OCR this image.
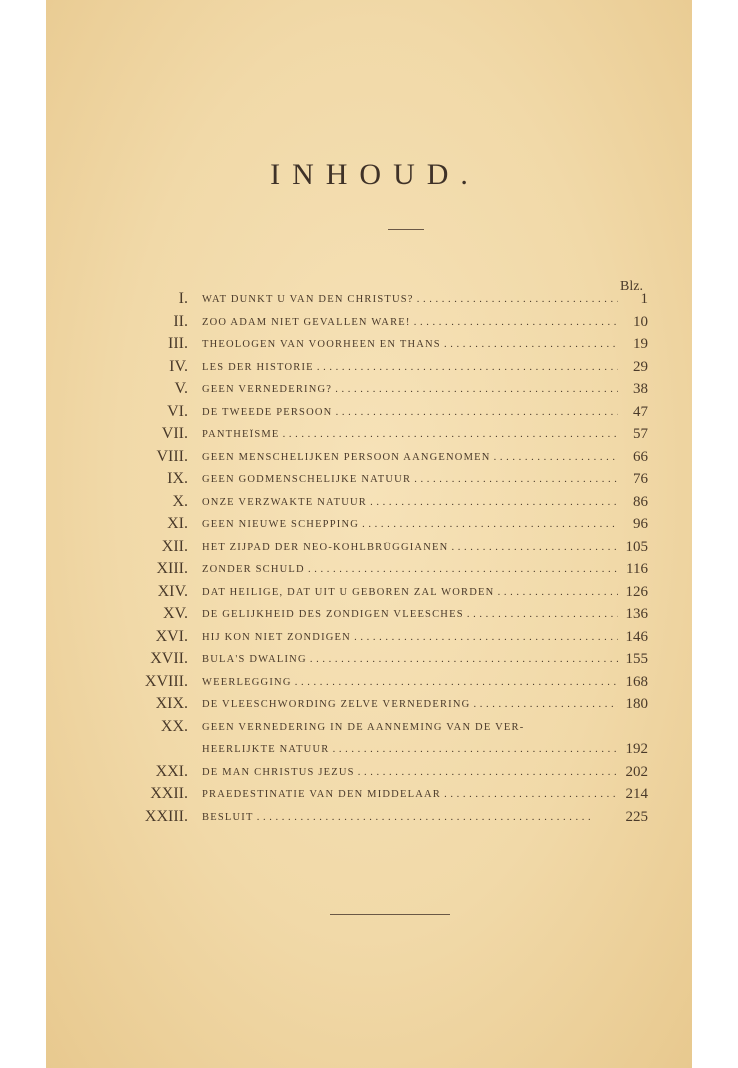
INHOUD.
Blz.
I. WAT DUNKT U VAN DEN CHRISTUS? . . .	1
II. ZOO ADAM NIET GEVALLEN WARE! . . .	10
III. THEOLOGEN VAN VOORHEEN EN THANS . . .	19
IV. LES DER HISTORIE . . .	29
V. GEEN VERNEDERING? . . .	38
VI. DE TWEEDE PERSOON . . .	47
VII. PANTHEÏSME . . .	57
VIII. GEEN MENSCHELIJKEN PERSOON AANGENOMEN . . .	66
IX. GEEN GODMENSCHELIJKE NATUUR . . .	76
X. ONZE VERZWAKTE NATUUR . . .	86
XI. GEEN NIEUWE SCHEPPING . . .	96
XII. HET ZIJPAD DER NEO-KOHLBRÜGGIANEN . . .	105
XIII. ZONDER SCHULD . . .	116
XIV. DAT HEILIGE, DAT UIT U GEBOREN ZAL WORDEN . . .	126
XV. DE GELIJKHEID DES ZONDIGEN VLEESCHES . . .	136
XVI. HIJ KON NIET ZONDIGEN . . .	146
XVII. BULA'S DWALING . . .	155
XVIII. WEERLEGGING . . .	168
XIX. DE VLEESCHWORDING ZELVE VERNEDERING . . .	180
XX. GEEN VERNEDERING IN DE AANNEMING VAN DE VER-
HEERLIJKTE NATUUR . . .	192
XXI. DE MAN CHRISTUS JEZUS . . .	202
XXII. PRAEDESTINATIE VAN DEN MIDDELAAR . . .	214
XXIII. BESLUIT . . .	225
